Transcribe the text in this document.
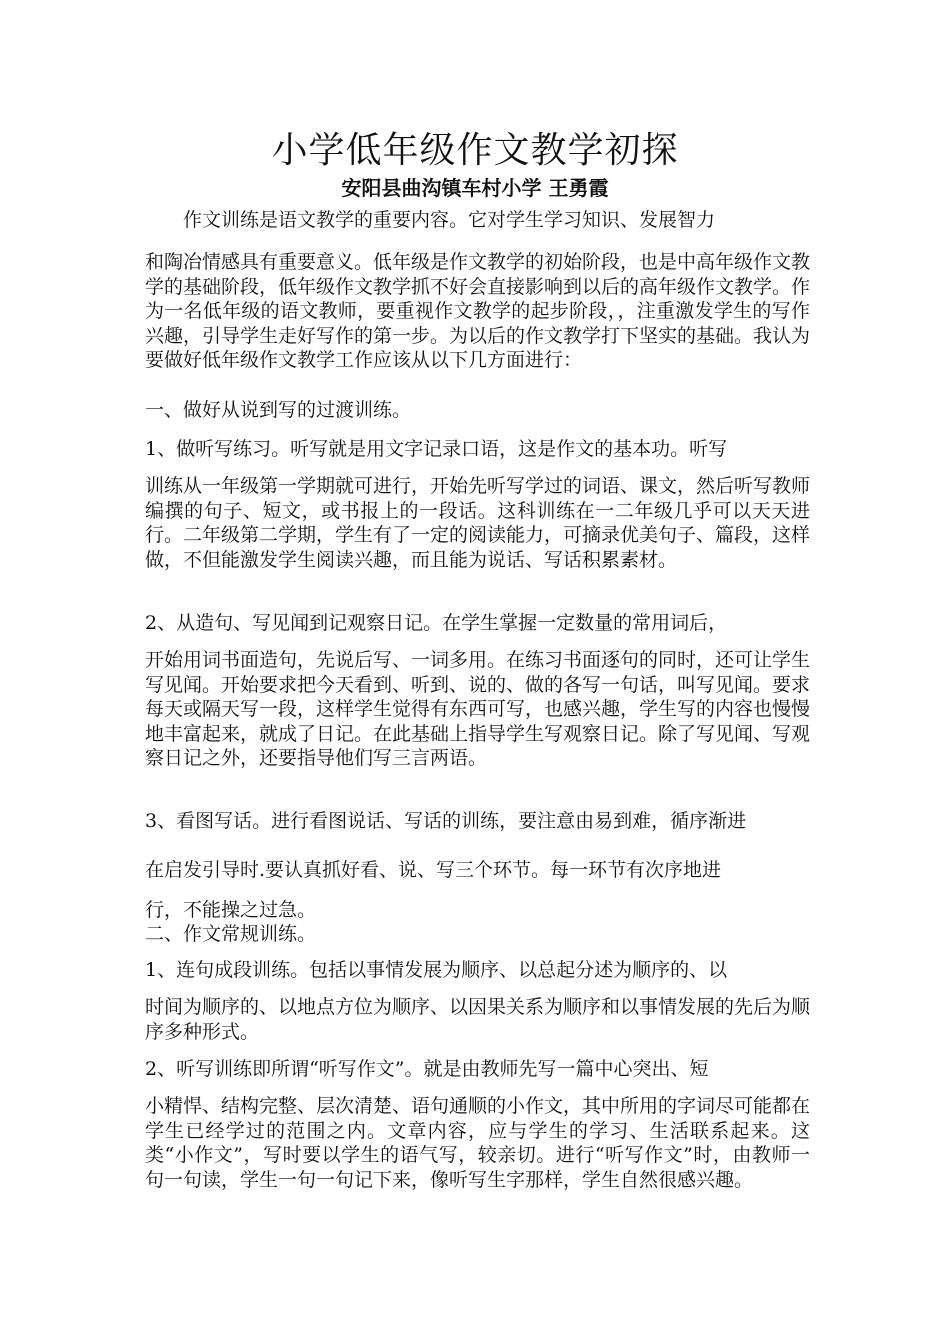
小学低年级作文教学初探
安阳县曲沟镇车村小学 王勇霞

作文训练是语文教学的重要内容。它对学生学习知识、发展智力

和陶冶情感具有重要意义。低年级是作文教学的初始阶段，也是中高年级作文教学的基础阶段，低年级作文教学抓不好会直接影响到以后的高年级作文教学。作为一名低年级的语文教师，要重视作文教学的起步阶段，，注重激发学生的写作兴趣，引导学生走好写作的第一步。为以后的作文教学打下坚实的基础。我认为要做好低年级作文教学工作应该从以下几方面进行：

一、做好从说到写的过渡训练。

1、做听写练习。听写就是用文字记录口语，这是作文的基本功。听写

训练从一年级第一学期就可进行，开始先听写学过的词语、课文，然后听写教师编撰的句子、短文，或书报上的一段话。这科训练在一二年级几乎可以天天进行。二年级第二学期，学生有了一定的阅读能力，可摘录优美句子、篇段，这样做，不但能激发学生阅读兴趣，而且能为说话、写话积累素材。

2、从造句、写见闻到记观察日记。在学生掌握一定数量的常用词后，

开始用词书面造句，先说后写、一词多用。在练习书面逐句的同时，还可让学生写见闻。开始要求把今天看到、听到、说的、做的各写一句话，叫写见闻。要求每天或隔天写一段，这样学生觉得有东西可写，也感兴趣，学生写的内容也慢慢地丰富起来，就成了日记。在此基础上指导学生写观察日记。除了写见闻、写观察日记之外，还要指导他们写三言两语。

3、看图写话。进行看图说话、写话的训练，要注意由易到难，循序渐进

在启发引导时.要认真抓好看、说、写三个环节。每一环节有次序地进

行，不能操之过急。

二、作文常规训练。

1、连句成段训练。包括以事情发展为顺序、以总起分述为顺序的、以

时间为顺序的、以地点方位为顺序、以因果关系为顺序和以事情发展的先后为顺序多种形式。

2、听写训练即所谓“听写作文”。就是由教师先写一篇中心突出、短

小精悍、结构完整、层次清楚、语句通顺的小作文，其中所用的字词尽可能都在学生已经学过的范围之内。文章内容，应与学生的学习、生活联系起来。这类“小作文”，写时要以学生的语气写，较亲切。进行“听写作文”时，由教师一句一句读，学生一句一句记下来，像听写生字那样，学生自然很感兴趣。
